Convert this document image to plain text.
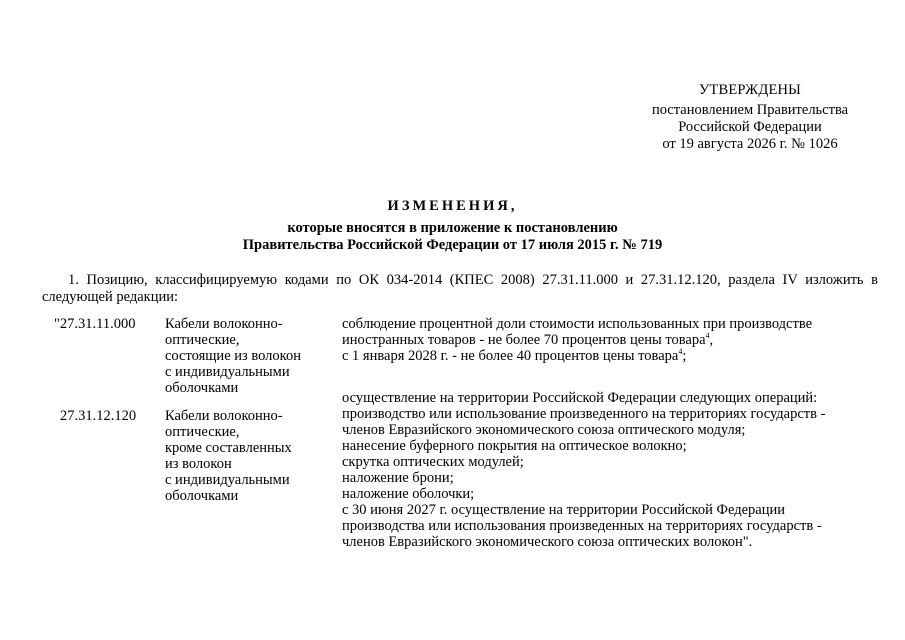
УТВЕРЖДЕНЫ
постановлением Правительства
Российской Федерации
от 19 августа 2026 г. № 1026
ИЗМЕНЕНИЯ,
которые вносятся в приложение к постановлению
Правительства Российской Федерации от 17 июля 2015 г. № 719

1. Позицию, классифицируемую кодами по ОК 034-2014 (КПЕС 2008) 27.31.11.000 и 27.31.12.120, раздела IV изложить в следующей редакции:

"27.31.11.000	Кабели волоконно-
оптические,
состоящие из волокон
с индивидуальными
оболочками
соблюдение процентной доли стоимости использованных при производстве
иностранных товаров - не более 70 процентов цены товара$^4$,
с 1 января 2028 г. - не более 40 процентов цены товара$^4$;
27.31.12.120	Кабели волоконно-
оптические,
кроме составленных
из волокон
с индивидуальными
оболочками
осуществление на территории Российской Федерации следующих операций:
производство или использование произведенного на территориях государств -
членов Евразийского экономического союза оптического модуля;
нанесение буферного покрытия на оптическое волокно;
скрутка оптических модулей;
наложение брони;
наложение оболочки;
с 30 июня 2027 г. осуществление на территории Российской Федерации
производства или использования произведенных на территориях государств -
членов Евразийского экономического союза оптических волокон".
